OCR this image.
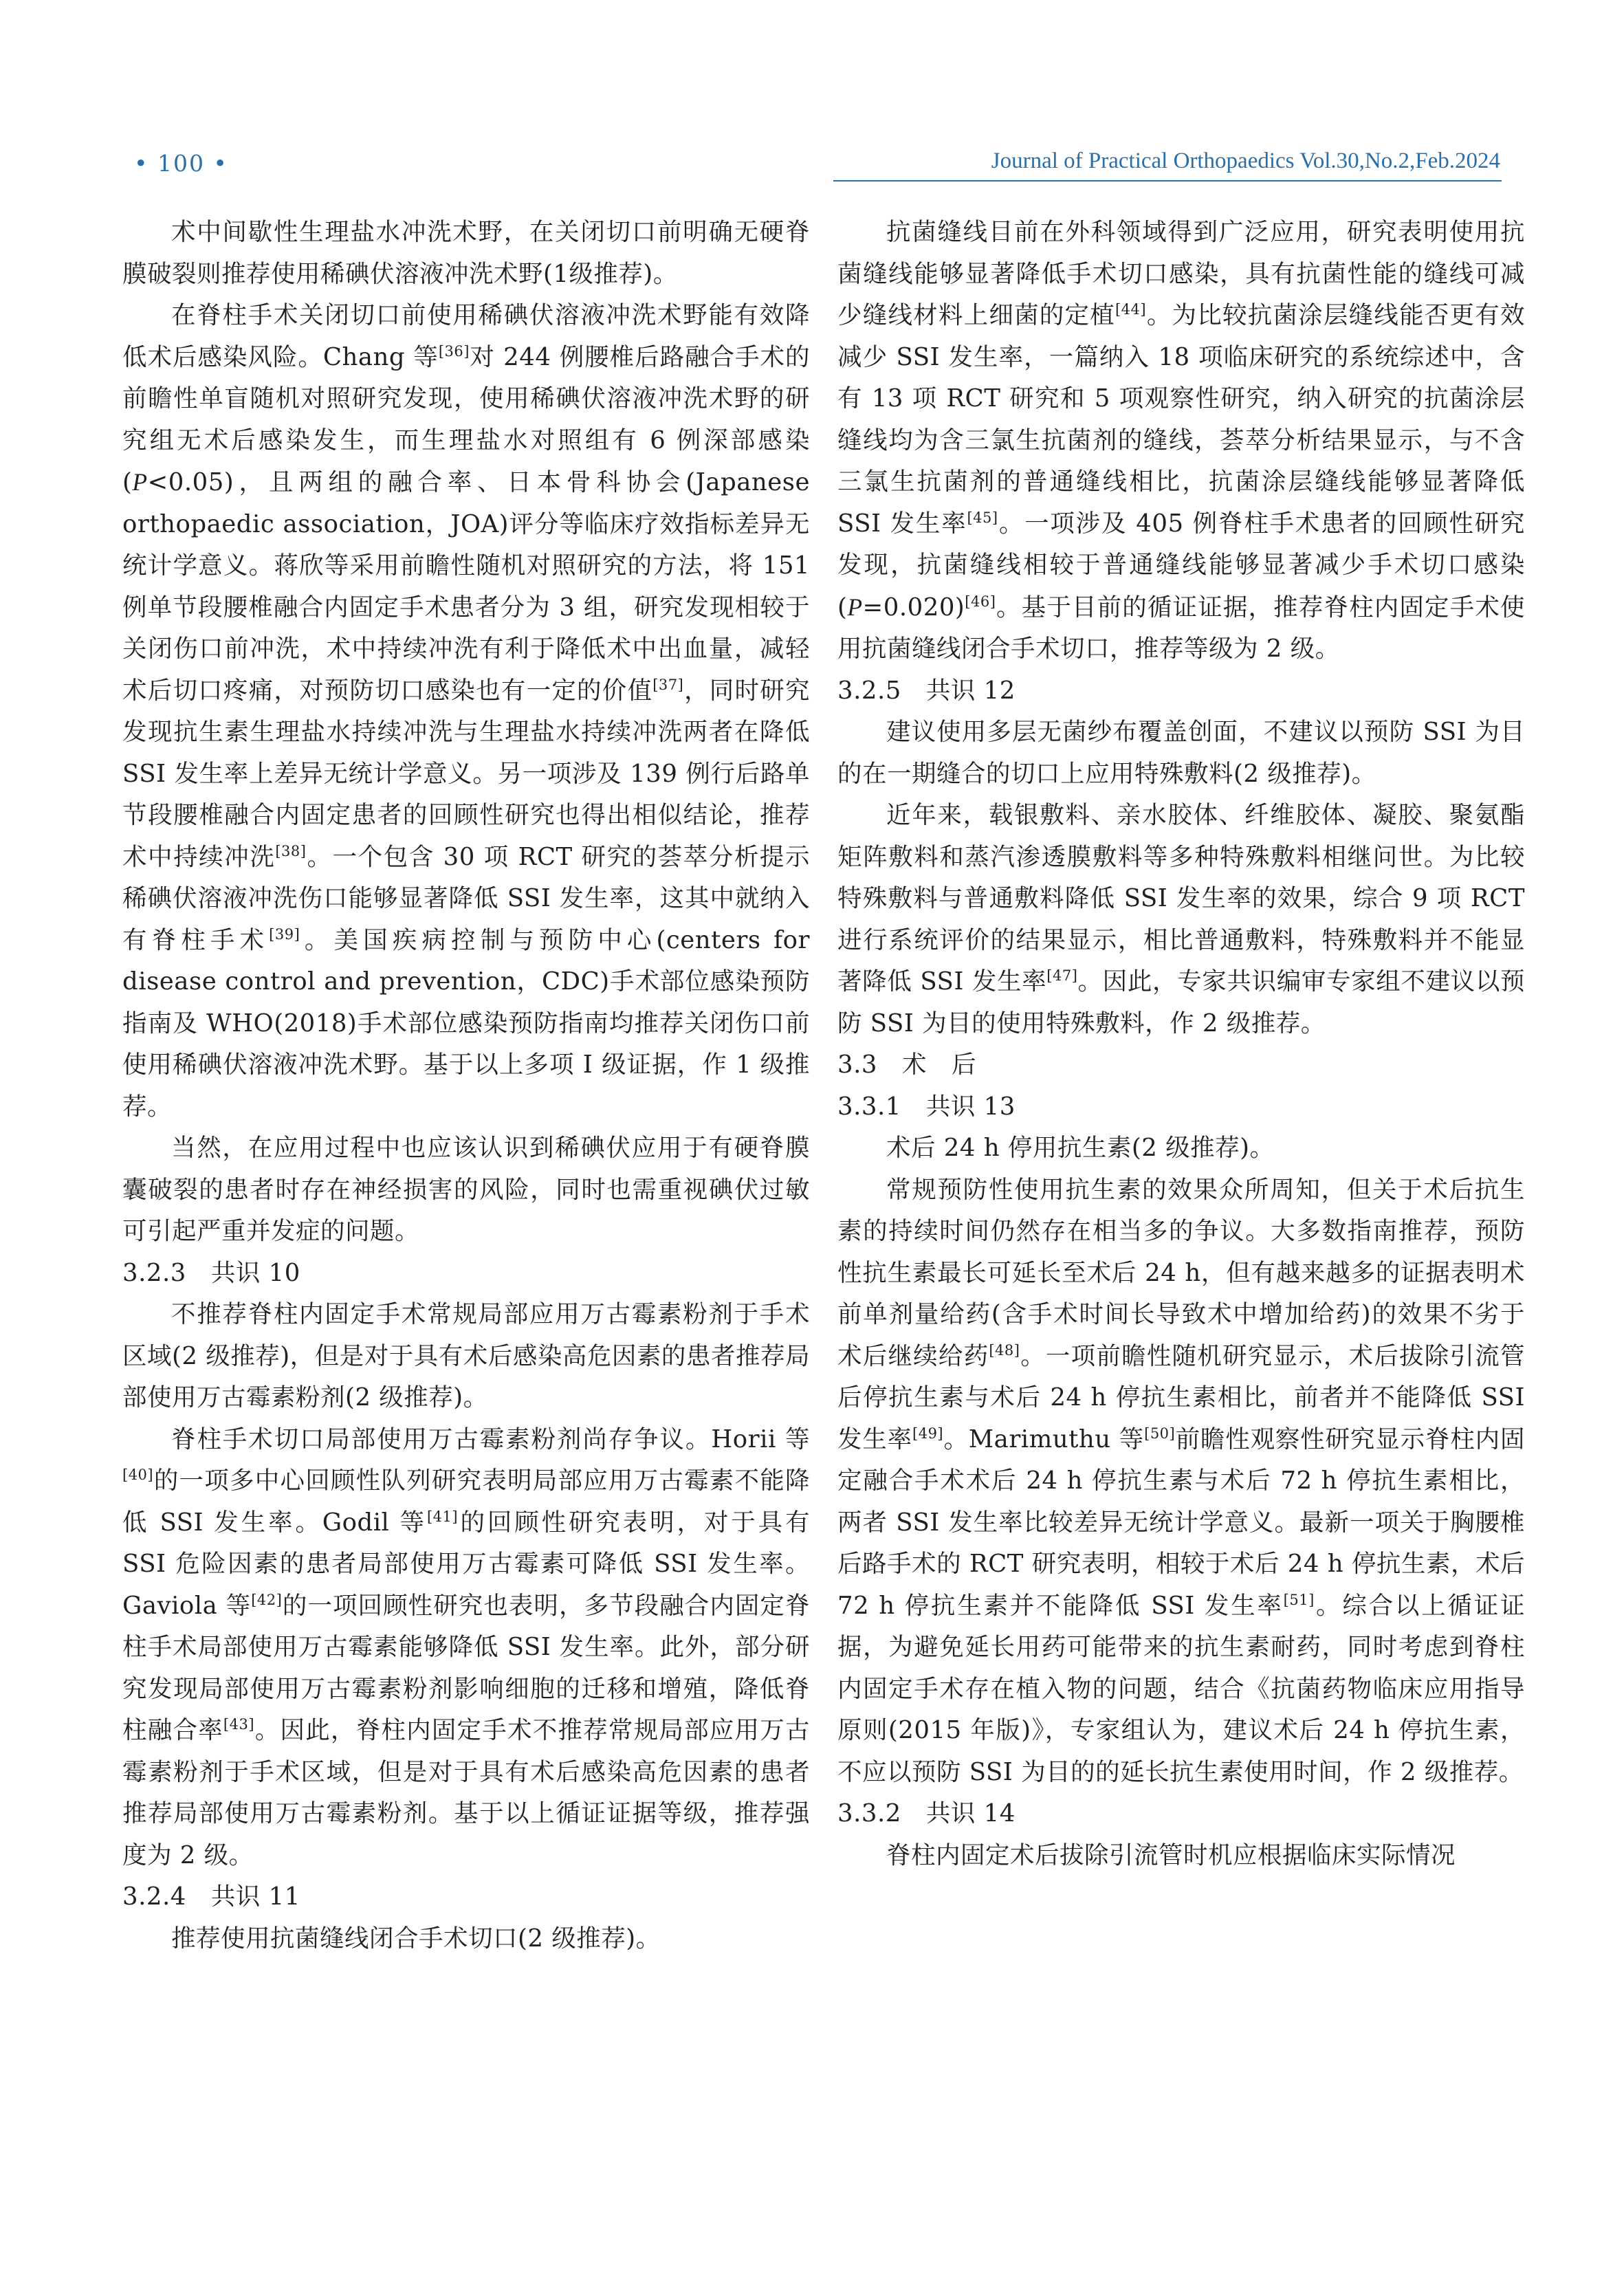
• 100 •	Journal of Practical Orthopaedics Vol.30,No.2,Feb.2024

术中间歇性生理盐水冲洗术野，在关闭切口前明确无硬脊膜破裂则推荐使用稀碘伏溶液冲洗术野(1级推荐)。

在脊柱手术关闭切口前使用稀碘伏溶液冲洗术野能有效降低术后感染风险。Chang 等[36]对 244 例腰椎后路融合手术的前瞻性单盲随机对照研究发现，使用稀碘伏溶液冲洗术野的研究组无术后感染发生，而生理盐水对照组有 6 例深部感染(P<0.05)，且两组的融合率、日本骨科协会(Japanese orthopaedic association，JOA)评分等临床疗效指标差异无统计学意义。蒋欣等采用前瞻性随机对照研究的方法，将 151 例单节段腰椎融合内固定手术患者分为 3 组，研究发现相较于关闭伤口前冲洗，术中持续冲洗有利于降低术中出血量，减轻术后切口疼痛，对预防切口感染也有一定的价值[37]，同时研究发现抗生素生理盐水持续冲洗与生理盐水持续冲洗两者在降低 SSI 发生率上差异无统计学意义。另一项涉及 139 例行后路单节段腰椎融合内固定患者的回顾性研究也得出相似结论，推荐术中持续冲洗[38]。一个包含 30 项 RCT 研究的荟萃分析提示稀碘伏溶液冲洗伤口能够显著降低 SSI 发生率，这其中就纳入有脊柱手术[39]。美国疾病控制与预防中心(centers for disease control and prevention，CDC)手术部位感染预防指南及 WHO(2018)手术部位感染预防指南均推荐关闭伤口前使用稀碘伏溶液冲洗术野。基于以上多项 Ⅰ 级证据，作 1 级推荐。

当然，在应用过程中也应该认识到稀碘伏应用于有硬脊膜囊破裂的患者时存在神经损害的风险，同时也需重视碘伏过敏可引起严重并发症的问题。

3.2.3　共识 10

不推荐脊柱内固定手术常规局部应用万古霉素粉剂于手术区域(2 级推荐)，但是对于具有术后感染高危因素的患者推荐局部使用万古霉素粉剂(2 级推荐)。

脊柱手术切口局部使用万古霉素粉剂尚存争议。Horii 等[40]的一项多中心回顾性队列研究表明局部应用万古霉素不能降低 SSI 发生率。Godil 等[41]的回顾性研究表明，对于具有 SSI 危险因素的患者局部使用万古霉素可降低 SSI 发生率。Gaviola 等[42]的一项回顾性研究也表明，多节段融合内固定脊柱手术局部使用万古霉素能够降低 SSI 发生率。此外，部分研究发现局部使用万古霉素粉剂影响细胞的迁移和增殖，降低脊柱融合率[43]。因此，脊柱内固定手术不推荐常规局部应用万古霉素粉剂于手术区域，但是对于具有术后感染高危因素的患者推荐局部使用万古霉素粉剂。基于以上循证证据等级，推荐强度为 2 级。

3.2.4　共识 11

推荐使用抗菌缝线闭合手术切口(2 级推荐)。

抗菌缝线目前在外科领域得到广泛应用，研究表明使用抗菌缝线能够显著降低手术切口感染，具有抗菌性能的缝线可减少缝线材料上细菌的定植[44]。为比较抗菌涂层缝线能否更有效减少 SSI 发生率，一篇纳入 18 项临床研究的系统综述中，含有 13 项 RCT 研究和 5 项观察性研究，纳入研究的抗菌涂层缝线均为含三氯生抗菌剂的缝线，荟萃分析结果显示，与不含三氯生抗菌剂的普通缝线相比，抗菌涂层缝线能够显著降低 SSI 发生率[45]。一项涉及 405 例脊柱手术患者的回顾性研究发现，抗菌缝线相较于普通缝线能够显著减少手术切口感染(P=0.020)[46]。基于目前的循证证据，推荐脊柱内固定手术使用抗菌缝线闭合手术切口，推荐等级为 2 级。

3.2.5　共识 12

建议使用多层无菌纱布覆盖创面，不建议以预防 SSI 为目的在一期缝合的切口上应用特殊敷料(2 级推荐)。

近年来，载银敷料、亲水胶体、纤维胶体、凝胶、聚氨酯矩阵敷料和蒸汽渗透膜敷料等多种特殊敷料相继问世。为比较特殊敷料与普通敷料降低 SSI 发生率的效果，综合 9 项 RCT 进行系统评价的结果显示，相比普通敷料，特殊敷料并不能显著降低 SSI 发生率[47]。因此，专家共识编审专家组不建议以预防 SSI 为目的使用特殊敷料，作 2 级推荐。

3.3　术　后

3.3.1　共识 13

术后 24 h 停用抗生素(2 级推荐)。

常规预防性使用抗生素的效果众所周知，但关于术后抗生素的持续时间仍然存在相当多的争议。大多数指南推荐，预防性抗生素最长可延长至术后 24 h，但有越来越多的证据表明术前单剂量给药(含手术时间长导致术中增加给药)的效果不劣于术后继续给药[48]。一项前瞻性随机研究显示，术后拔除引流管后停抗生素与术后 24 h 停抗生素相比，前者并不能降低 SSI 发生率[49]。Marimuthu 等[50]前瞻性观察性研究显示脊柱内固定融合手术术后 24 h 停抗生素与术后 72 h 停抗生素相比，两者 SSI 发生率比较差异无统计学意义。最新一项关于胸腰椎后路手术的 RCT 研究表明，相较于术后 24 h 停抗生素，术后 72 h 停抗生素并不能降低 SSI 发生率[51]。综合以上循证证据，为避免延长用药可能带来的抗生素耐药，同时考虑到脊柱内固定手术存在植入物的问题，结合《抗菌药物临床应用指导原则(2015 年版)》，专家组认为，建议术后 24 h 停抗生素，不应以预防 SSI 为目的的延长抗生素使用时间，作 2 级推荐。

3.3.2　共识 14

脊柱内固定术后拔除引流管时机应根据临床实际情况
